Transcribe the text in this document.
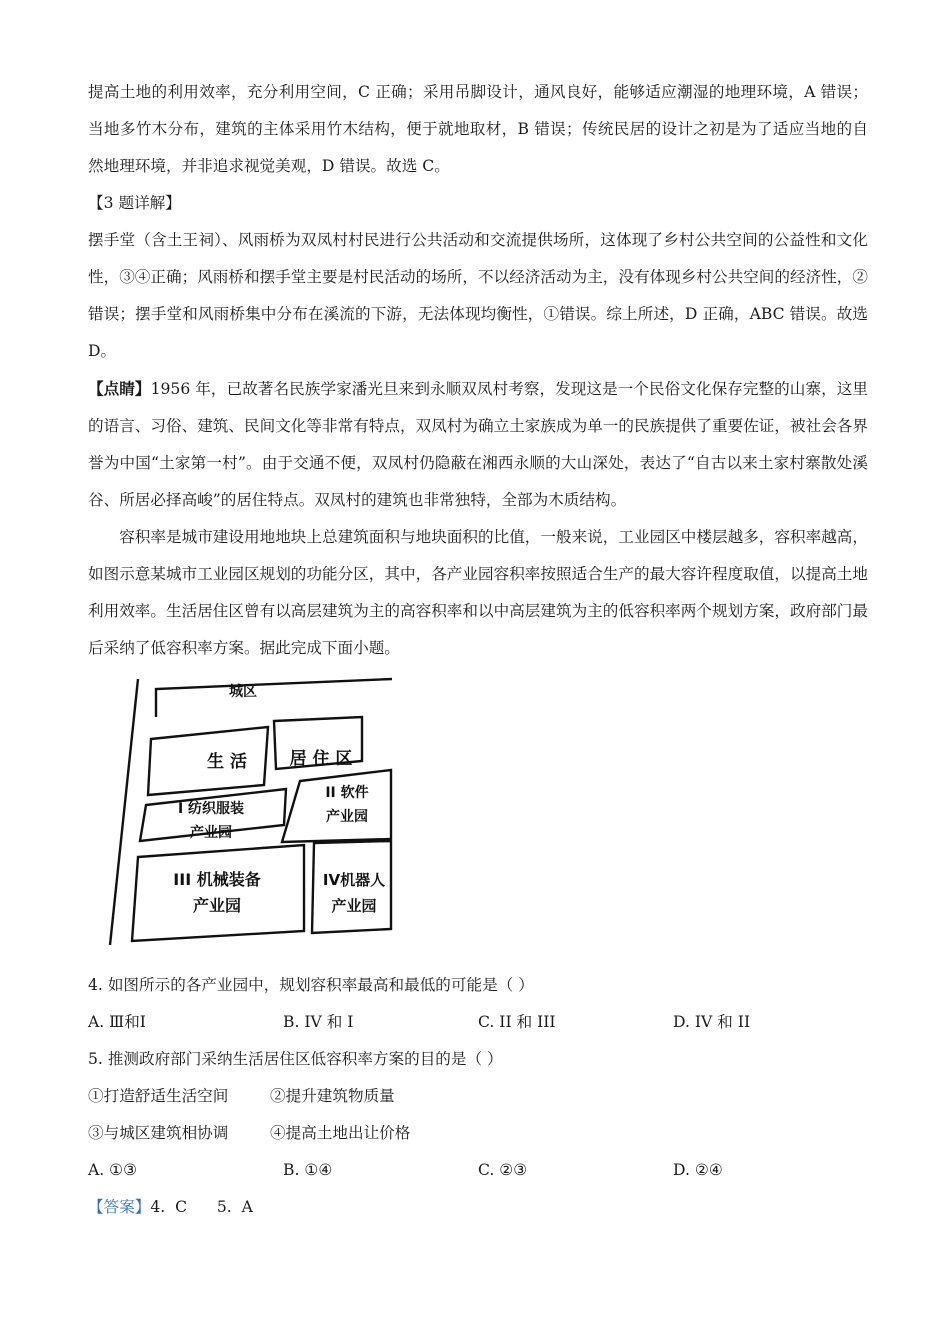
提高土地的利用效率，充分利用空间，C 正确；采用吊脚设计，通风良好，能够适应潮湿的地理环境，A 错误；当地多竹木分布，建筑的主体采用竹木结构，便于就地取材，B 错误；传统民居的设计之初是为了适应当地的自然地理环境，并非追求视觉美观，D 错误。故选 C。

【3 题详解】

摆手堂（含土王祠）、风雨桥为双凤村村民进行公共活动和交流提供场所，这体现了乡村公共空间的公益性和文化性，③④正确；风雨桥和摆手堂主要是村民活动的场所，不以经济活动为主，没有体现乡村公共空间的经济性，②错误；摆手堂和风雨桥集中分布在溪流的下游，无法体现均衡性，①错误。综上所述，D 正确，ABC 错误。故选 D。

【点睛】1956 年，已故著名民族学家潘光旦来到永顺双凤村考察，发现这是一个民俗文化保存完整的山寨，这里的语言、习俗、建筑、民间文化等非常有特点，双凤村为确立土家族成为单一的民族提供了重要佐证，被社会各界誉为中国“土家第一村”。由于交通不便，双凤村仍隐蔽在湘西永顺的大山深处，表达了“自古以来土家村寨散处溪谷、所居必择高峻”的居住特点。双凤村的建筑也非常独特，全部为木质结构。

容积率是城市建设用地地块上总建筑面积与地块面积的比值，一般来说，工业园区中楼层越多，容积率越高，如图示意某城市工业园区规划的功能分区，其中，各产业园容积率按照适合生产的最大容许程度取值，以提高土地利用效率。生活居住区曾有以高层建筑为主的高容积率和以中高层建筑为主的低容积率两个规划方案，政府部门最后采纳了低容积率方案。据此完成下面小题。

城区
生 活	居 住 区
I 纺织服装
产业园
II 软件
产业园
III 机械装备
产业园
IV机器人
产业园

4. 如图所示的各产业园中，规划容积率最高和最低的可能是（ ）

A. Ⅲ和Ⅰ	B. IV 和 I	C. II 和 III	D. IV 和 II

5. 推测政府部门采纳生活居住区低容积率方案的目的是（ ）

①打造舒适生活空间	②提升建筑物质量
③与城区建筑相协调	④提高土地出让价格
A. ①③	B. ①④	C. ②③	D. ②④

【答案】4.  C      5.  A
